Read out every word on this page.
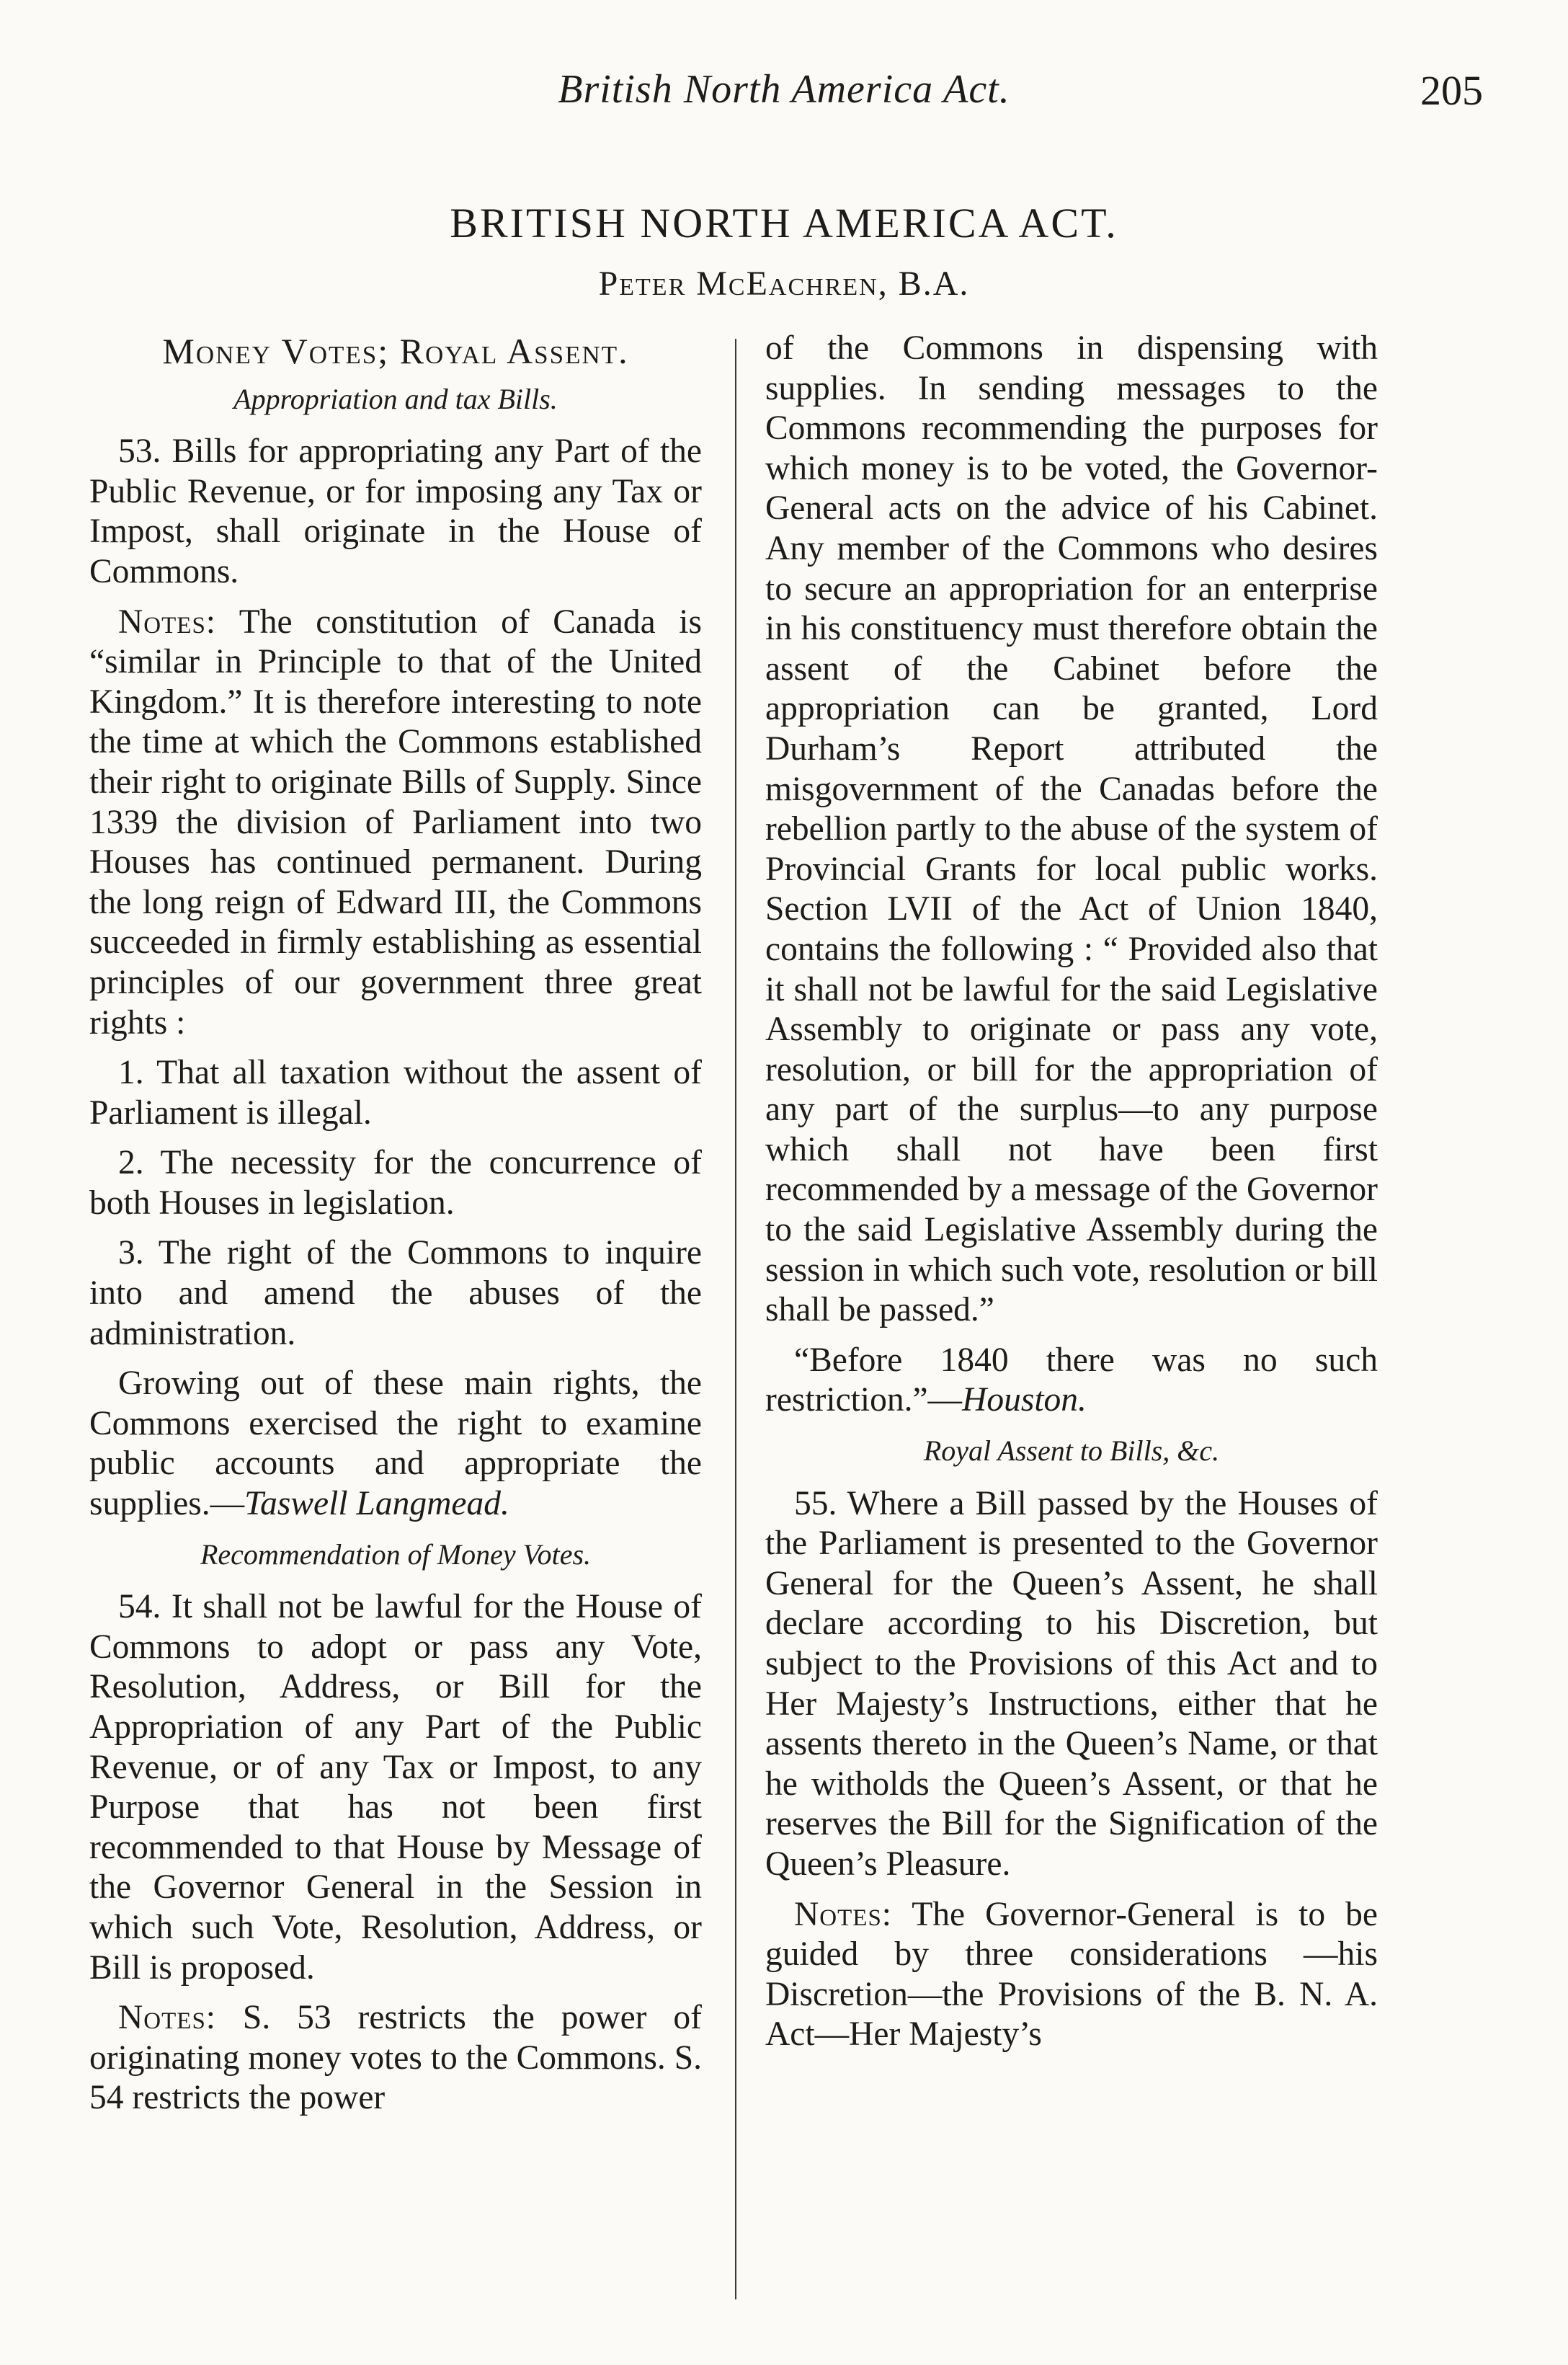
British North America Act.	205
BRITISH NORTH AMERICA ACT.
Peter McEachren, B.A.
Money Votes; Royal Assent.
Appropriation and tax Bills.

53. Bills for appropriating any Part of the Public Revenue, or for imposing any Tax or Impost, shall originate in the House of Commons.

Notes: The constitution of Canada is “similar in Principle to that of the United Kingdom.” It is therefore interesting to note the time at which the Commons established their right to originate Bills of Supply. Since 1339 the division of Parliament into two Houses has continued permanent. During the long reign of Edward III, the Commons succeeded in firmly establishing as essential principles of our government three great rights :

1. That all taxation without the assent of Parliament is illegal.

2. The necessity for the concurrence of both Houses in legislation.

3. The right of the Commons to inquire into and amend the abuses of the administration.

Growing out of these main rights, the Commons exercised the right to examine public accounts and appropriate the supplies.—Taswell Langmead.

Recommendation of Money Votes.

54. It shall not be lawful for the House of Commons to adopt or pass any Vote, Resolution, Address, or Bill for the Appropriation of any Part of the Public Revenue, or of any Tax or Impost, to any Purpose that has not been first recommended to that House by Message of the Governor General in the Session in which such Vote, Resolution, Address, or Bill is proposed.

Notes: S. 53 restricts the power of originating money votes to the Commons. S. 54 restricts the power

of the Commons in dispensing with supplies. In sending messages to the Commons recommending the purposes for which money is to be voted, the Governor-General acts on the advice of his Cabinet. Any member of the Commons who desires to secure an appropriation for an enterprise in his constituency must therefore obtain the assent of the Cabinet before the appropriation can be granted, Lord Durham’s Report attributed the misgovernment of the Canadas before the rebellion partly to the abuse of the system of Provincial Grants for local public works. Section LVII of the Act of Union 1840, contains the following : “ Provided also that it shall not be lawful for the said Legislative Assembly to originate or pass any vote, resolution, or bill for the appropriation of any part of the surplus—to any purpose which shall not have been first recommended by a message of the Governor to the said Legislative Assembly during the session in which such vote, resolution or bill shall be passed.”

“Before 1840 there was no such restriction.”—Houston.

Royal Assent to Bills, &c.

55. Where a Bill passed by the Houses of the Parliament is presented to the Governor General for the Queen’s Assent, he shall declare according to his Discretion, but subject to the Provisions of this Act and to Her Majesty’s Instructions, either that he assents thereto in the Queen’s Name, or that he witholds the Queen’s Assent, or that he reserves the Bill for the Signification of the Queen’s Pleasure.

Notes: The Governor-General is to be guided by three considerations —his Discretion—the Provisions of the B. N. A. Act—Her Majesty’s
